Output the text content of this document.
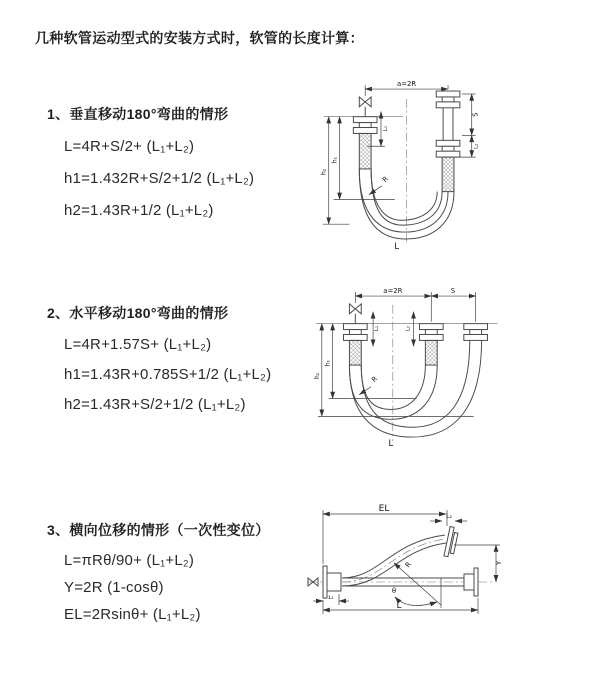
几种软管运动型式的安装方式时，软管的长度计算：

1、垂直移动180°弯曲的情形
L=4R+S/2+ (L₁+L₂)
h1=1.432R+S/2+1/2 (L₁+L₂)
h2=1.43R+1/2 (L₁+L₂)
2、水平移动180°弯曲的情形
L=4R+1.57S+ (L₁+L₂)
h1=1.43R+0.785S+1/2 (L₁+L₂)
h2=1.43R+S/2+1/2 (L₁+L₂)
3、横向位移的情形（一次性变位）
L=πRθ/90+ (L₁+L₂)
Y=2R (1-cosθ)
EL=2Rsinθ+ (L₁+L₂)
a=2R
S
L₂
L₁
h₁
h₂
R
L
a=2R	S
L₁	L₂
h₁
h₂	R
L
EL
L₂
Y
R
θ
L₁
L
